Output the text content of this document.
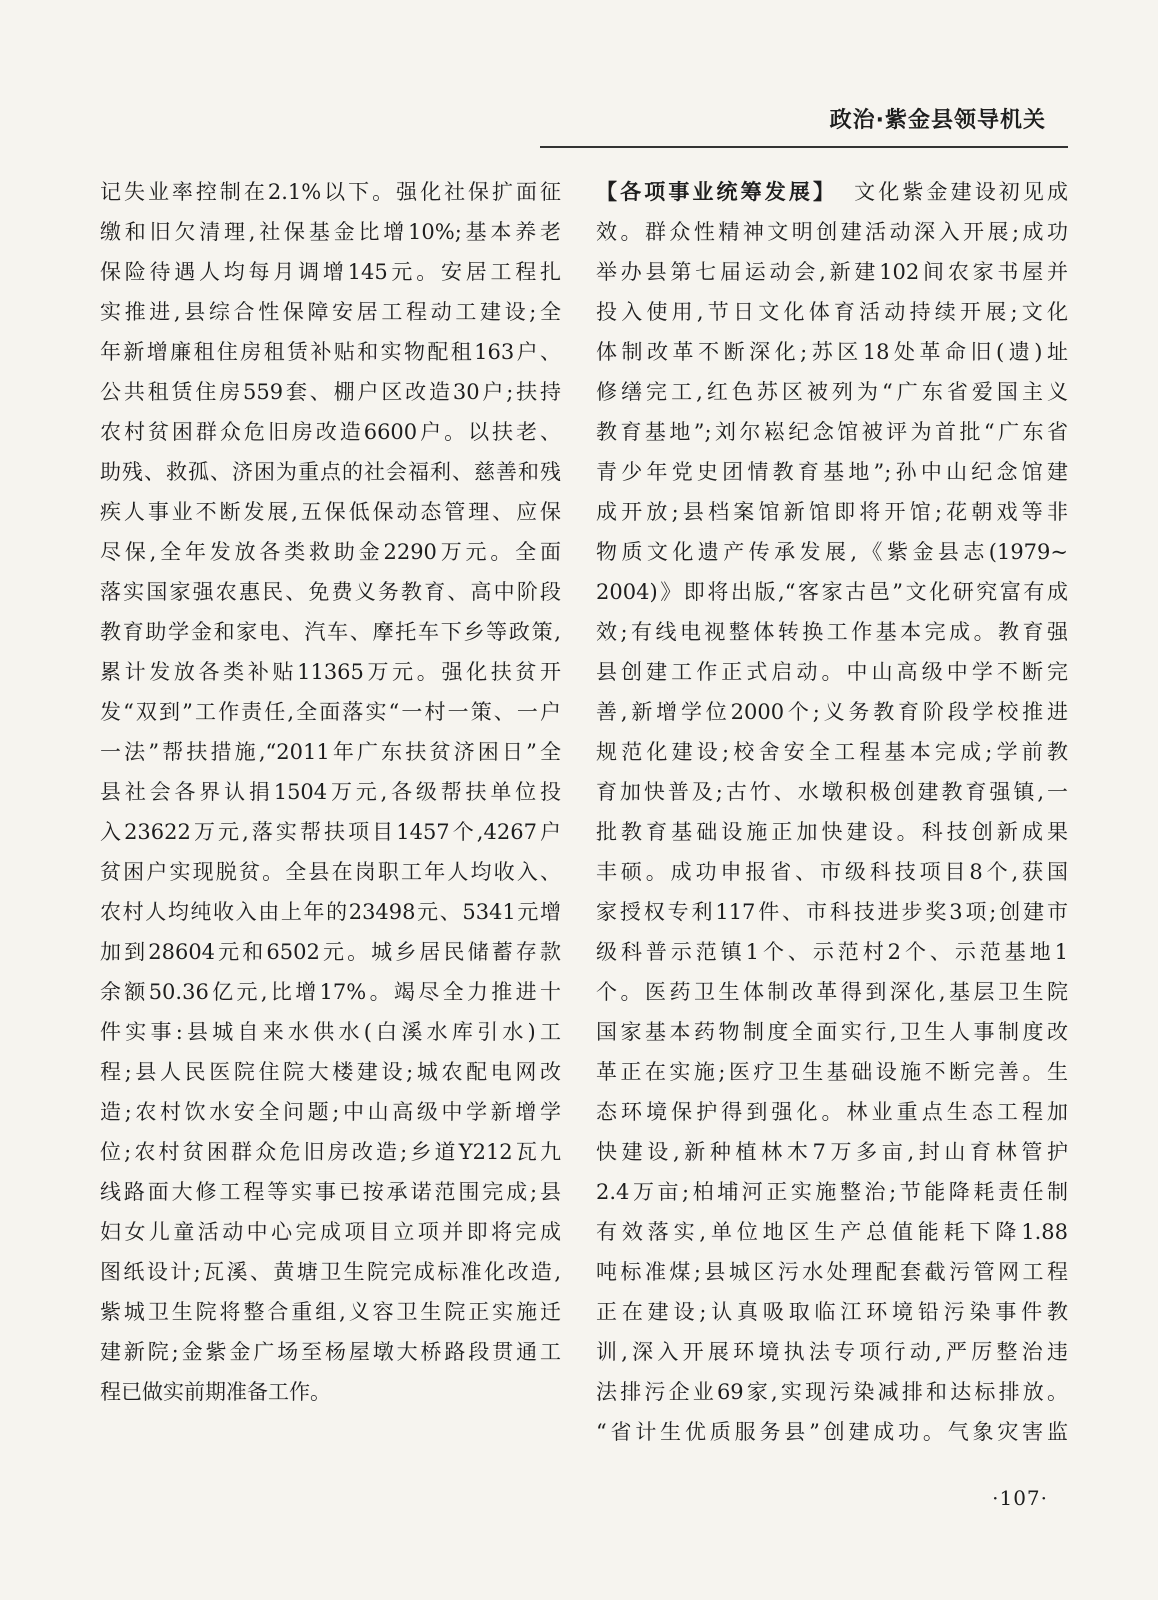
政治·紫金县领导机关
记失业率控制在2.1%以下。强化社保扩面征
缴和旧欠清理,社保基金比增10%;基本养老
保险待遇人均每月调增145元。安居工程扎
实推进,县综合性保障安居工程动工建设;全
年新增廉租住房租赁补贴和实物配租163户、
公共租赁住房559套、棚户区改造30户;扶持
农村贫困群众危旧房改造6600户。以扶老、
助残、救孤、济困为重点的社会福利、慈善和残
疾人事业不断发展,五保低保动态管理、应保
尽保,全年发放各类救助金2290万元。全面
落实国家强农惠民、免费义务教育、高中阶段
教育助学金和家电、汽车、摩托车下乡等政策,
累计发放各类补贴11365万元。强化扶贫开
发“双到”工作责任,全面落实“一村一策、一户
一法”帮扶措施,“2011年广东扶贫济困日”全
县社会各界认捐1504万元,各级帮扶单位投
入23622万元,落实帮扶项目1457个,4267户
贫困户实现脱贫。全县在岗职工年人均收入、
农村人均纯收入由上年的23498元、5341元增
加到28604元和6502元。城乡居民储蓄存款
余额50.36亿元,比增17%。竭尽全力推进十
件实事:县城自来水供水(白溪水库引水)工
程;县人民医院住院大楼建设;城农配电网改
造;农村饮水安全问题;中山高级中学新增学
位;农村贫困群众危旧房改造;乡道Y212瓦九
线路面大修工程等实事已按承诺范围完成;县
妇女儿童活动中心完成项目立项并即将完成
图纸设计;瓦溪、黄塘卫生院完成标准化改造,
紫城卫生院将整合重组,义容卫生院正实施迁
建新院;金紫金广场至杨屋墩大桥路段贯通工
程已做实前期准备工作。
【各项事业统筹发展】 文化紫金建设初见成
效。群众性精神文明创建活动深入开展;成功
举办县第七届运动会,新建102间农家书屋并
投入使用,节日文化体育活动持续开展;文化
体制改革不断深化;苏区18处革命旧(遗)址
修缮完工,红色苏区被列为“广东省爱国主义
教育基地”;刘尔崧纪念馆被评为首批“广东省
青少年党史团情教育基地”;孙中山纪念馆建
成开放;县档案馆新馆即将开馆;花朝戏等非
物质文化遗产传承发展,《紫金县志(1979~
2004)》即将出版,“客家古邑”文化研究富有成
效;有线电视整体转换工作基本完成。教育强
县创建工作正式启动。中山高级中学不断完
善,新增学位2000个;义务教育阶段学校推进
规范化建设;校舍安全工程基本完成;学前教
育加快普及;古竹、水墩积极创建教育强镇,一
批教育基础设施正加快建设。科技创新成果
丰硕。成功申报省、市级科技项目8个,获国
家授权专利117件、市科技进步奖3项;创建市
级科普示范镇1个、示范村2个、示范基地1
个。医药卫生体制改革得到深化,基层卫生院
国家基本药物制度全面实行,卫生人事制度改
革正在实施;医疗卫生基础设施不断完善。生
态环境保护得到强化。林业重点生态工程加
快建设,新种植林木7万多亩,封山育林管护
2.4万亩;柏埔河正实施整治;节能降耗责任制
有效落实,单位地区生产总值能耗下降1.88
吨标准煤;县城区污水处理配套截污管网工程
正在建设;认真吸取临江环境铅污染事件教
训,深入开展环境执法专项行动,严厉整治违
法排污企业69家,实现污染减排和达标排放。
“省计生优质服务县”创建成功。气象灾害监
·107·
